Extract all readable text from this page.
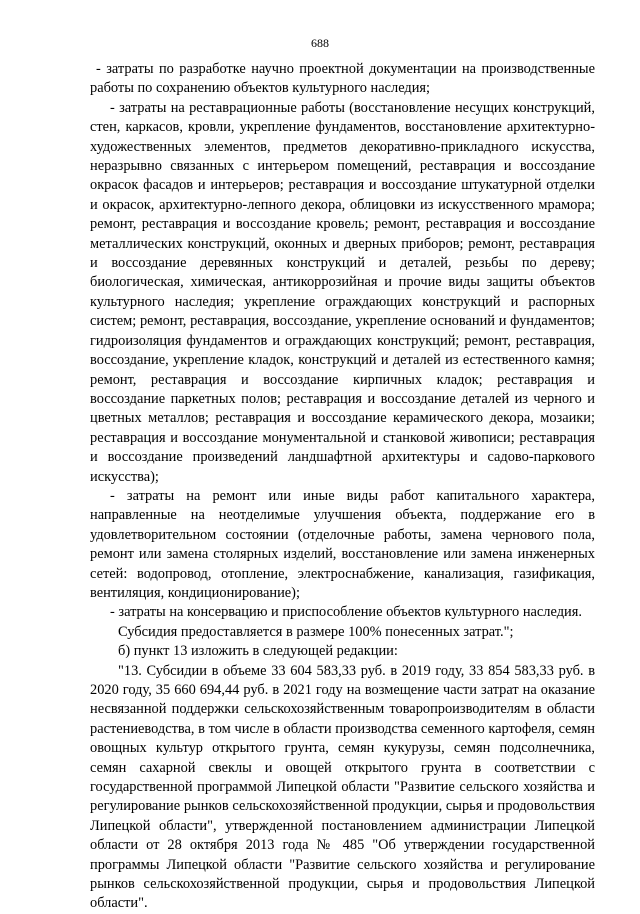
688

- затраты по разработке научно проектной документации на производственные работы по сохранению объектов культурного наследия;

- затраты на реставрационные работы (восстановление несущих конструкций, стен, каркасов, кровли, укрепление фундаментов, восстановление архитектурно-художественных элементов, предметов декоративно-прикладного искусства, неразрывно связанных с интерьером помещений, реставрация и воссоздание окрасок фасадов и интерьеров; реставрация и воссоздание штукатурной отделки и окрасок, архитектурно-лепного декора, облицовки из искусственного мрамора; ремонт, реставрация и воссоздание кровель; ремонт, реставрация и воссоздание металлических конструкций, оконных и дверных приборов; ремонт, реставрация и воссоздание деревянных конструкций и деталей, резьбы по дереву; биологическая, химическая, антикоррозийная и прочие виды защиты объектов культурного наследия; укрепление ограждающих конструкций и распорных систем; ремонт, реставрация, воссоздание, укрепление оснований и фундаментов; гидроизоляция фундаментов и ограждающих конструкций; ремонт, реставрация, воссоздание, укрепление кладок, конструкций и деталей из естественного камня; ремонт, реставрация и воссоздание кирпичных кладок; реставрация и воссоздание паркетных полов; реставрация и воссоздание деталей из черного и цветных металлов; реставрация и воссоздание керамического декора, мозаики; реставрация и воссоздание монументальной и станковой живописи; реставрация и воссоздание произведений ландшафтной архитектуры и садово-паркового искусства);

- затраты на ремонт или иные виды работ капитального характера, направленные на неотделимые улучшения объекта, поддержание его в удовлетворительном состоянии (отделочные работы, замена чернового пола, ремонт или замена столярных изделий, восстановление или замена инженерных сетей: водопровод, отопление, электроснабжение, канализация, газификация, вентиляция, кондиционирование);

- затраты на консервацию и приспособление объектов культурного наследия.

Субсидия предоставляется в размере 100% понесенных затрат.";

б) пункт 13 изложить в следующей редакции:

"13. Субсидии в объеме 33 604 583,33 руб. в 2019 году, 33 854 583,33 руб. в 2020 году, 35 660 694,44 руб. в 2021 году на возмещение части затрат на оказание несвязанной поддержки сельскохозяйственным товаропроизводителям в области растениеводства, в том числе в области производства семенного картофеля, семян овощных культур открытого грунта, семян кукурузы, семян подсолнечника, семян сахарной свеклы и овощей открытого грунта в соответствии с государственной программой Липецкой области "Развитие сельского хозяйства и регулирование рынков сельскохозяйственной продукции, сырья и продовольствия Липецкой области", утвержденной постановлением администрации Липецкой области от 28 октября 2013 года № 485 "Об утверждении государственной программы Липецкой области "Развитие сельского хозяйства и регулирование рынков сельскохозяйственной продукции, сырья и продовольствия Липецкой области".
